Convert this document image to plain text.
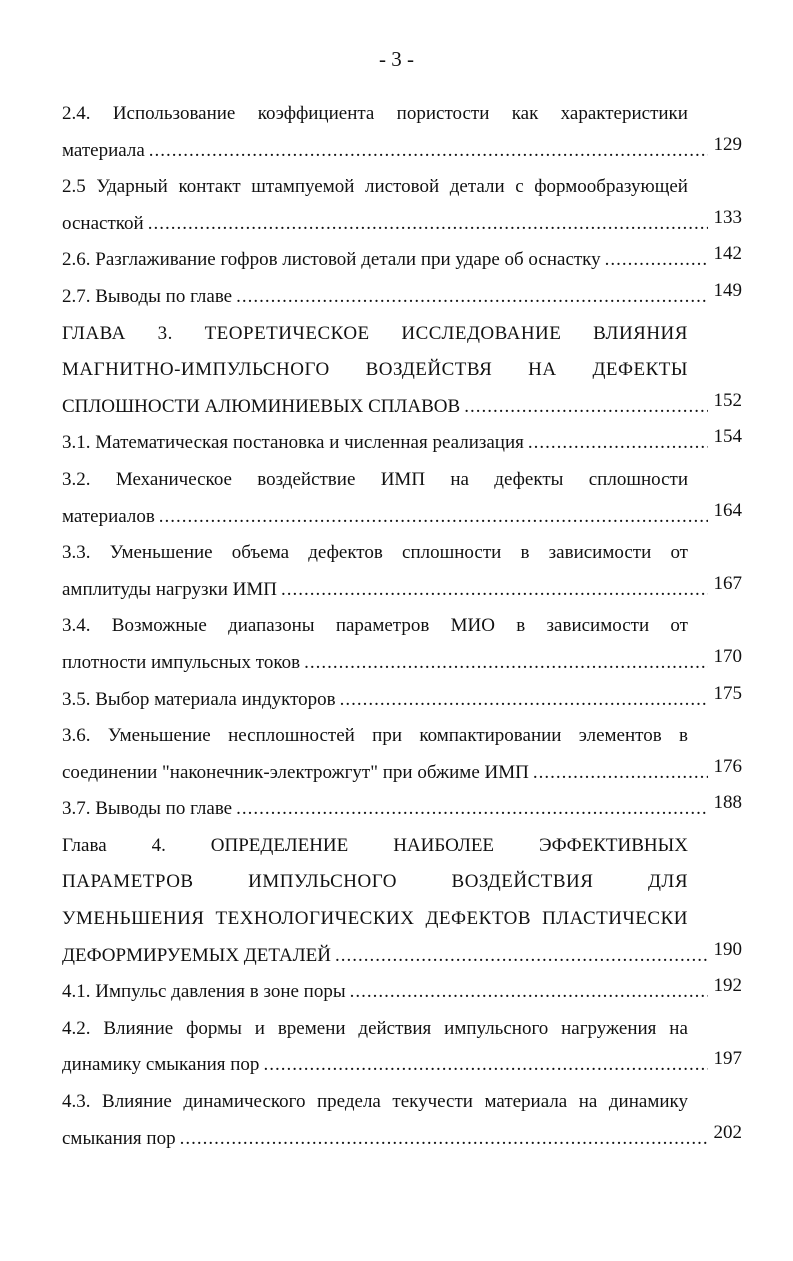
- 3 -
2.4. Использование коэффициента пористости как характеристики
материала .....	129
2.5 Ударный контакт штампуемой листовой детали с формообразующей
оснасткой .....	133
2.6. Разглаживание гофров листовой детали при ударе об оснастку .....	142
2.7. Выводы по главе .....	149
ГЛАВА 3. ТЕОРЕТИЧЕСКОЕ ИССЛЕДОВАНИЕ ВЛИЯНИЯ
МАГНИТНО-ИМПУЛЬСНОГО ВОЗДЕЙСТВЯ НА ДЕФЕКТЫ
СПЛОШНОСТИ АЛЮМИНИЕВЫХ СПЛАВОВ .....	152
3.1. Математическая постановка и численная реализация .....	154
3.2. Механическое воздействие ИМП на дефекты сплошности
материалов .....	164
3.3. Уменьшение объема дефектов сплошности в зависимости от
амплитуды нагрузки ИМП .....	167
3.4. Возможные диапазоны параметров МИО в зависимости от
плотности импульсных токов .....	170
3.5. Выбор материала индукторов .....	175
3.6. Уменьшение несплошностей при компактировании элементов в
соединении "наконечник-электрожгут" при обжиме ИМП .....	176
3.7. Выводы по главе .....	188
Глава 4. ОПРЕДЕЛЕНИЕ НАИБОЛЕЕ ЭФФЕКТИВНЫХ
ПАРАМЕТРОВ	ИМПУЛЬСНОГО	ВОЗДЕЙСТВИЯ	ДЛЯ
УМЕНЬШЕНИЯ ТЕХНОЛОГИЧЕСКИХ ДЕФЕКТОВ ПЛАСТИЧЕСКИ
ДЕФОРМИРУЕМЫХ ДЕТАЛЕЙ .....	190
4.1. Импульс давления в зоне поры .....	192
4.2. Влияние формы и времени действия импульсного нагружения на
динамику смыкания пор .....	197
4.3. Влияние динамического предела текучести материала на динамику
смыкания пор .....	202
